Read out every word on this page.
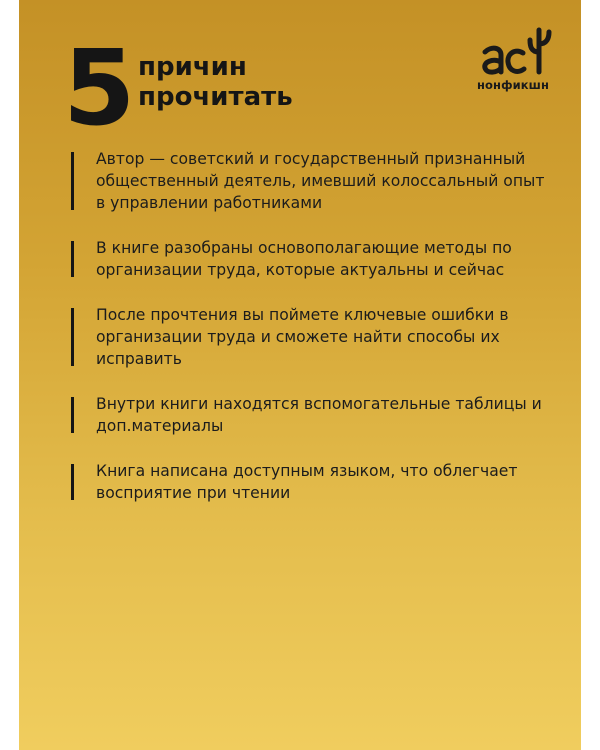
5 причин
прочитать	нонфикшн
Автор — советский и государственный признанный общественный деятель, имевший колоссальный опыт в управлении работниками
В книге разобраны основополагающие методы по организации труда, которые актуальны и сейчас
После прочтения вы поймете ключевые ошибки в организации труда и сможете найти способы их исправить
Внутри книги находятся вспомогательные таблицы и доп.материалы
Книга написана доступным языком, что облегчает восприятие при чтении
